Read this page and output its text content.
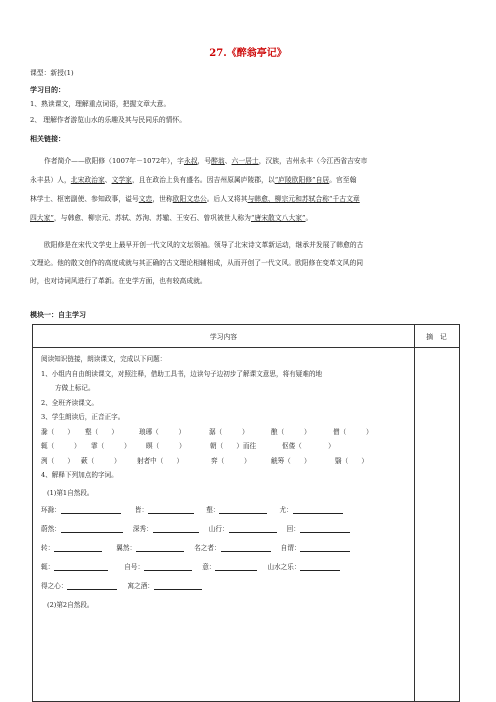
27.《醉翁亭记》
课型：新授(1)
学习目的：
1、熟读课文，理解重点词语，把握文章大意。
2、 理解作者游览山水的乐趣及其与民同乐的情怀。
相关链接：
作者简介——欧阳修（1007年－1072年），字永叔，号醉翁、六一居士，汉族，吉州永丰（今江西省吉安市
永丰县）人，北宋政治家、文学家，且在政治上负有盛名。因吉州原属庐陵郡，以“庐陵欧阳修”自居。官至翰
林学士、枢密副使、参知政事，谥号文忠，世称欧阳文忠公。后人又将其与韩愈、柳宗元和苏轼合称“千古文章
四大家”，与韩愈、柳宗元、苏轼、苏洵、苏辙、王安石、曾巩被世人称为“唐宋散文八大家”。
欧阳修是在宋代文学史上最早开创一代文风的文坛领袖。领导了北宋诗文革新运动，继承并发展了韩愈的古
文理论。他的散文创作的高度成就与其正确的古文理论相辅相成，从而开创了一代文风。欧阳修在变革文风的同
时，也对诗词风进行了革新。在史学方面，也有较高成就。
模块一：自主学习
学习内容	摘　记
阅读知识链接，朗读课文，完成以下问题：
1、小组内自由朗读课文，对照注释，借助工具书，边读句子边初步了解课文意思，将有疑难的地
方做上标记。
2、全班齐读课文。
3、学生朗读后，正音正字。
滁（　　） 壑（　　）	琅琊（　　　）	潺（　　　）	酿（　　　）	僧（　　　）
辄（　　　） 霏（　　　） 暝（　　　）	朝（　　）而往	伛偻（　　　　）
洌（　　） 蔌（　　　） 射者中（　　）	弈（　　　）	觥筹（　　）	翳（　　）
4、解释下列加点的字词。
(1)第1自然段。
环滁：	皆：	壑：	尤：
蔚然：	深秀：	山行：	回：
转：	翼然：	名之者：	自谓：
辄：	自号：	意：	山水之乐：
得之心：	寓之酒：
(2)第2自然段。
